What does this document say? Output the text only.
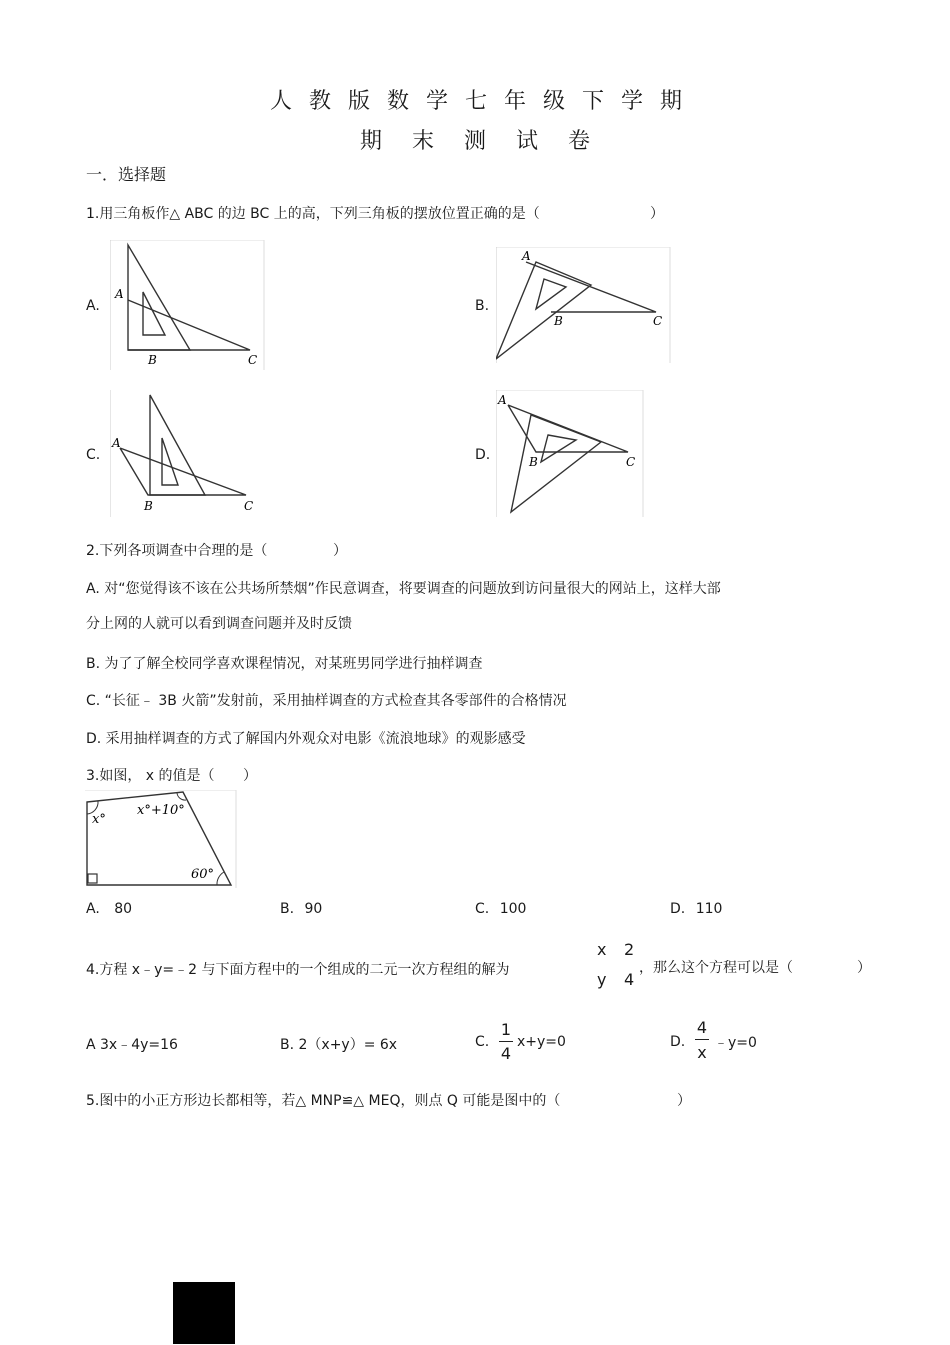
人教版数学七年级下学期
期末测试卷
一．选择题
1.用三角板作△ ABC 的边 BC 上的高，下列三角板的摆放位置正确的是（	）
A.	B.
C.	D.
A
B	C
A
B	C
A
B	C
A
B	C
2.下列各项调查中合理的是（	）
A. 对“您觉得该不该在公共场所禁烟”作民意调查，将要调查的问题放到访问量很大的网站上，这样大部
分上网的人就可以看到调查问题并及时反馈
B. 为了了解全校同学喜欢课程情况，对某班男同学进行抽样调查
C. “长征﹣ 3B 火箭”发射前，采用抽样调查的方式检查其各零部件的合格情况
D. 采用抽样调查的方式了解国内外观众对电影《流浪地球》的观影感受
3.如图， x 的值是（ ）
x°
x°+10°
60°
A. 80	B. 90	C. 100	D. 110
4.方程 x﹣y=﹣2 与下面方程中的一个组成的二元一次方程组的解为
x 2
y 4
，那么这个方程可以是（	）
A 3x﹣4y=16	B. 2（x+y）= 6x	C.
1
4
x+y=0	D.
4
x ﹣y=0
5.图中的小正方形边长都相等，若△ MNP≌△ MEQ，则点 Q 可能是图中的（	）
